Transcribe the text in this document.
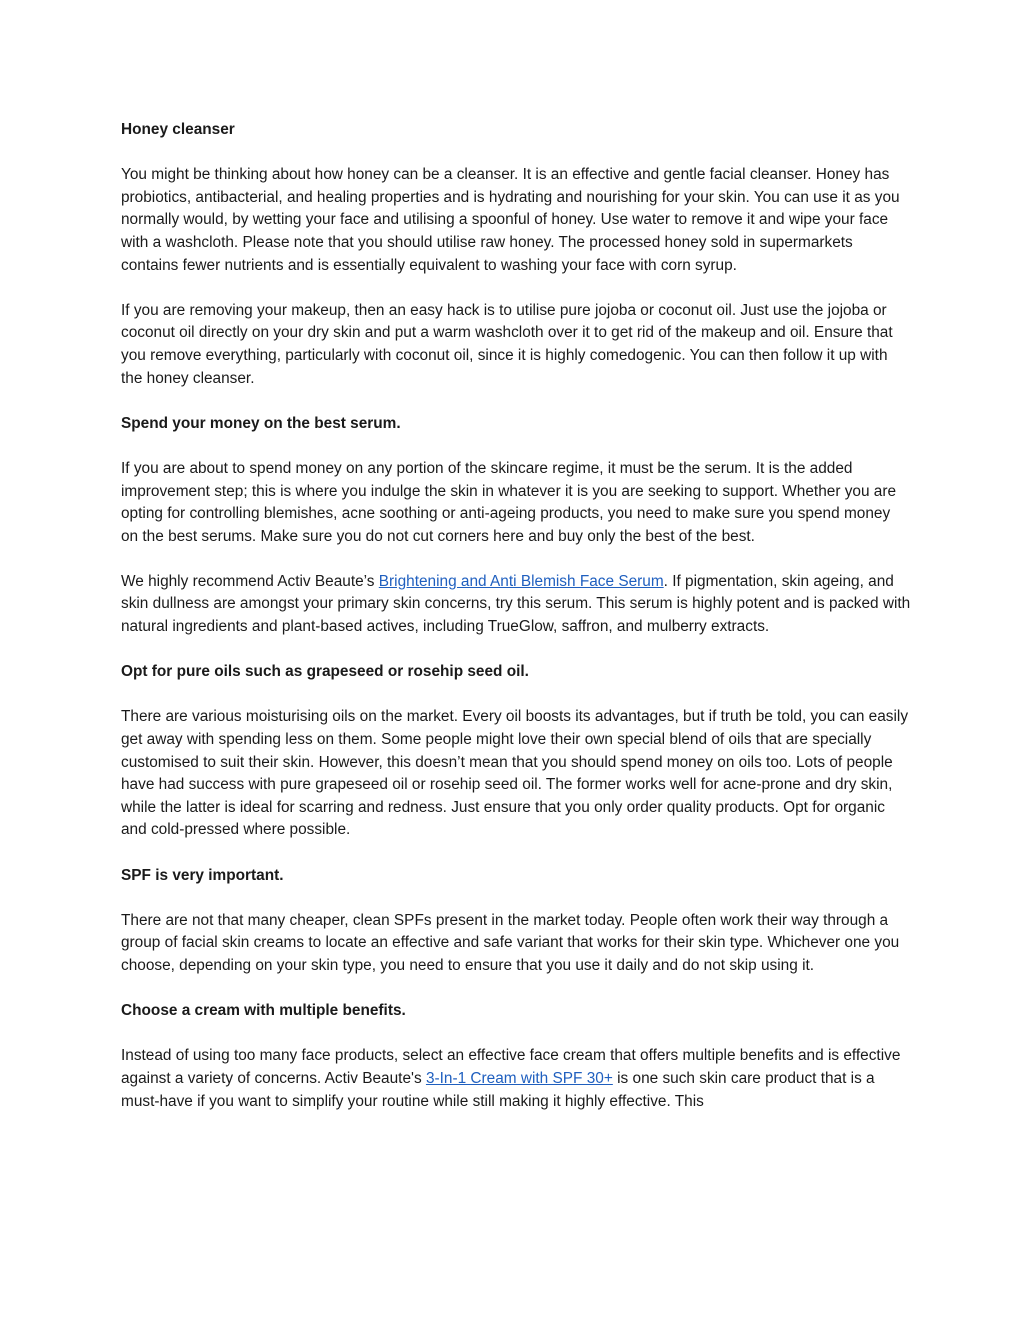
Honey cleanser

You might be thinking about how honey can be a cleanser. It is an effective and gentle facial cleanser. Honey has probiotics, antibacterial, and healing properties and is hydrating and nourishing for your skin. You can use it as you normally would, by wetting your face and utilising a spoonful of honey. Use water to remove it and wipe your face with a washcloth. Please note that you should utilise raw honey. The processed honey sold in supermarkets contains fewer nutrients and is essentially equivalent to washing your face with corn syrup.

If you are removing your makeup, then an easy hack is to utilise pure jojoba or coconut oil. Just use the jojoba or coconut oil directly on your dry skin and put a warm washcloth over it to get rid of the makeup and oil. Ensure that you remove everything, particularly with coconut oil, since it is highly comedogenic. You can then follow it up with the honey cleanser.

Spend your money on the best serum.

If you are about to spend money on any portion of the skincare regime, it must be the serum. It is the added improvement step; this is where you indulge the skin in whatever it is you are seeking to support. Whether you are opting for controlling blemishes, acne soothing or anti-ageing products, you need to make sure you spend money on the best serums. Make sure you do not cut corners here and buy only the best of the best.

We highly recommend Activ Beaute’s Brightening and Anti Blemish Face Serum. If pigmentation, skin ageing, and skin dullness are amongst your primary skin concerns, try this serum. This serum is highly potent and is packed with natural ingredients and plant-based actives, including TrueGlow, saffron, and mulberry extracts.

Opt for pure oils such as grapeseed or rosehip seed oil.

There are various moisturising oils on the market. Every oil boosts its advantages, but if truth be told, you can easily get away with spending less on them. Some people might love their own special blend of oils that are specially customised to suit their skin. However, this doesn’t mean that you should spend money on oils too. Lots of people have had success with pure grapeseed oil or rosehip seed oil. The former works well for acne-prone and dry skin, while the latter is ideal for scarring and redness. Just ensure that you only order quality products. Opt for organic and cold-pressed where possible.

SPF is very important.

There are not that many cheaper, clean SPFs present in the market today. People often work their way through a group of facial skin creams to locate an effective and safe variant that works for their skin type. Whichever one you choose, depending on your skin type, you need to ensure that you use it daily and do not skip using it.

Choose a cream with multiple benefits.

Instead of using too many face products, select an effective face cream that offers multiple benefits and is effective against a variety of concerns. Activ Beaute's 3-In-1 Cream with SPF 30+ is one such skin care product that is a must-have if you want to simplify your routine while still making it highly effective. This
